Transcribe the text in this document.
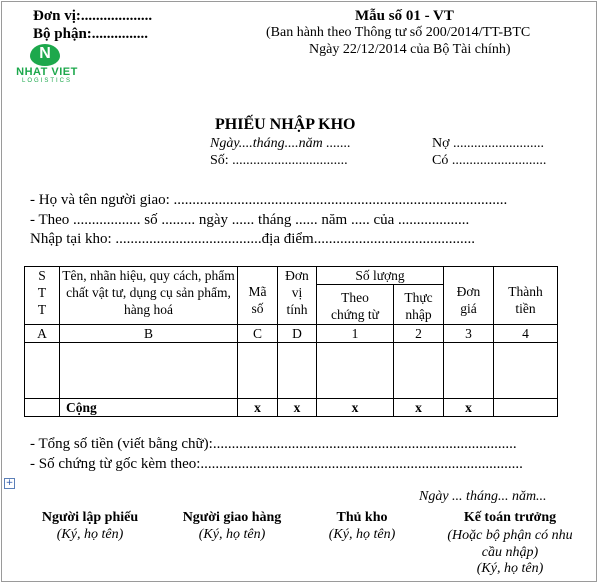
Đơn vị:...................
Bộ phận:...............
Mẫu số 01 - VT
(Ban hành theo Thông tư số 200/2014/TT-BTC
Ngày 22/12/2014 của Bộ Tài chính)
N
NHAT VIET
LOGISTICS
PHIẾU NHẬP KHO
Ngày....tháng....năm .......
Số: .................................
Nợ ..........................
Có ...........................
- Họ và tên người giao: .........................................................................................
- Theo .................. số ......... ngày ...... tháng ...... năm ..... của ...................
Nhập tại kho: .......................................địa điểm...........................................
S T T	Tên, nhãn hiệu, quy cách, phẩm chất vật tư, dụng cụ sản phẩm, hàng hoá	Mã số	Đơn vị tính	Số lượng		Đơn giá	Thành tiền

				Theo chứng từ	Thực nhập		

A	B	C	D	1	2	3	4

	Cộng	x	x	x	x	x	
- Tổng số tiền (viết bằng chữ):.................................................................................
- Số chứng từ gốc kèm theo:......................................................................................
+
Ngày ... tháng... năm...
Người lập phiếu
(Ký, họ tên)
Người giao hàng
(Ký, họ tên)
Thủ kho
(Ký, họ tên)
Kế toán trưởng
(Hoặc bộ phận có nhu cầu nhập)
(Ký, họ tên)
